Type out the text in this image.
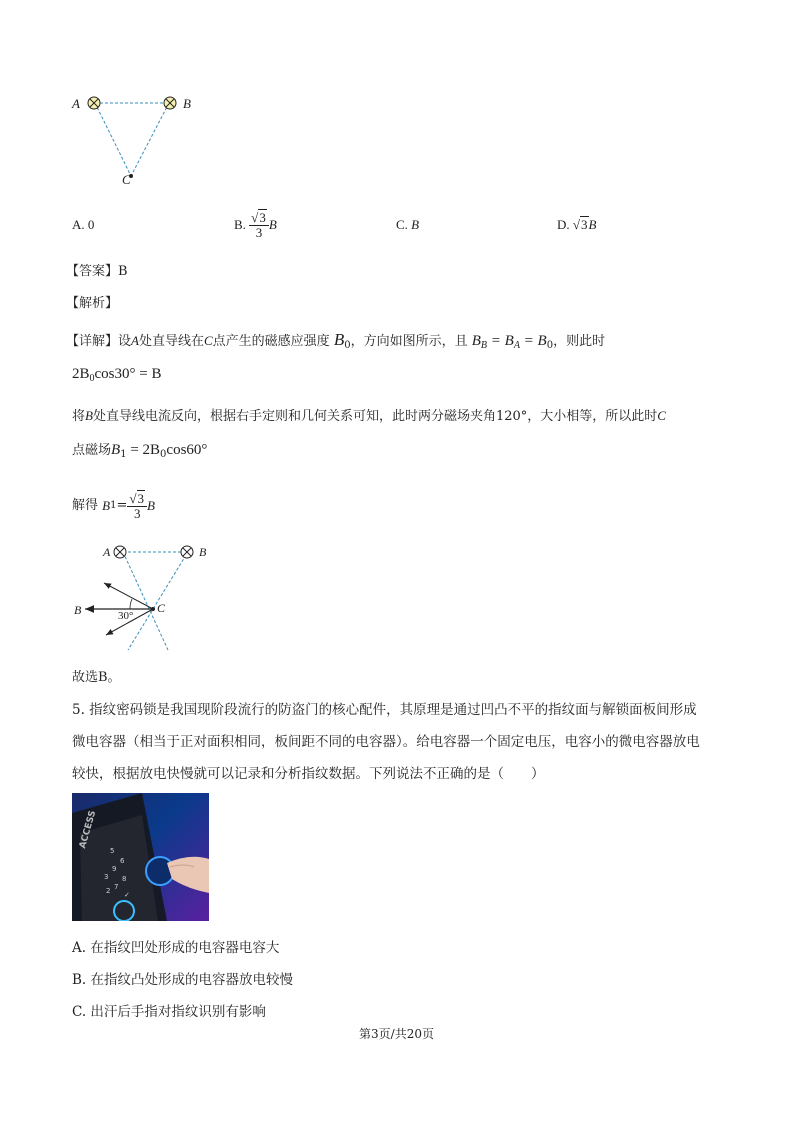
A	B
C
A. 0	B.
$\frac{√3}{3}$ B	C. B	D. √3B
【答案】B
【解析】
【详解】设A处直导线在C点产生的磁感应强度 $B_0$，方向如图所示，且 $B_B = B_A = B_0$，则此时
$2B_0\cos 30^\circ = B$
将B处直导线电流反向，根据右手定则和几何关系可知，此时两分磁场夹角120°，大小相等，所以此时C
点磁场$B_1 = 2B_0\cos 60^\circ$
解得
B $1 = \frac{√3}{3}$ B
A	B
B	C
30°
故选B。
5. 指纹密码锁是我国现阶段流行的防盗门的核心配件，其原理是通过凹凸不平的指纹面与解锁面板间形成
微电容器（相当于正对面积相同，板间距不同的电容器）。给电容器一个固定电压，电容小的微电容器放电
较快，根据放电快慢就可以记录和分析指纹数据。下列说法不正确的是（　　）
5
6
9
8
7
✓
3
2
ACCESS
A. 在指纹凹处形成的电容器电容大
B. 在指纹凸处形成的电容器放电较慢
C. 出汗后手指对指纹识别有影响
第3页/共20页
